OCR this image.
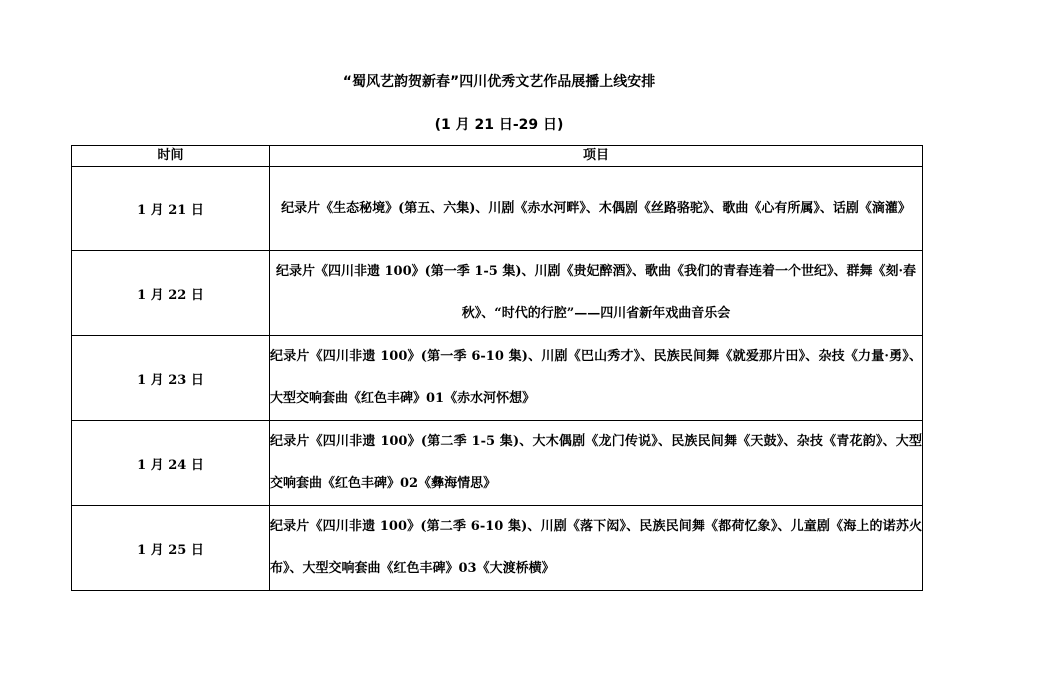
“蜀风艺韵贺新春”四川优秀文艺作品展播上线安排
(1 月 21 日-29 日)
时间	项目
1 月 21 日	纪录片《生态秘境》(第五、六集)、川剧《赤水河畔》、木偶剧《丝路骆驼》、歌曲《心有所属》、话剧《滴灌》
1 月 22 日	纪录片《四川非遗 100》(第一季 1-5 集)、川剧《贵妃醉酒》、歌曲《我们的青春连着一个世纪》、群舞《刻·春秋》、“时代的行腔”——四川省新年戏曲音乐会
1 月 23 日	纪录片《四川非遗 100》(第一季 6-10 集)、川剧《巴山秀才》、民族民间舞《就爱那片田》、杂技《力量·勇》、大型交响套曲《红色丰碑》01《赤水河怀想》
1 月 24 日	纪录片《四川非遗 100》(第二季 1-5 集)、大木偶剧《龙门传说》、民族民间舞《天鼓》、杂技《青花韵》、大型交响套曲《红色丰碑》02《彝海情思》
1 月 25 日	纪录片《四川非遗 100》(第二季 6-10 集)、川剧《落下闳》、民族民间舞《都荷忆象》、儿童剧《海上的诺苏火布》、大型交响套曲《红色丰碑》03《大渡桥横》
